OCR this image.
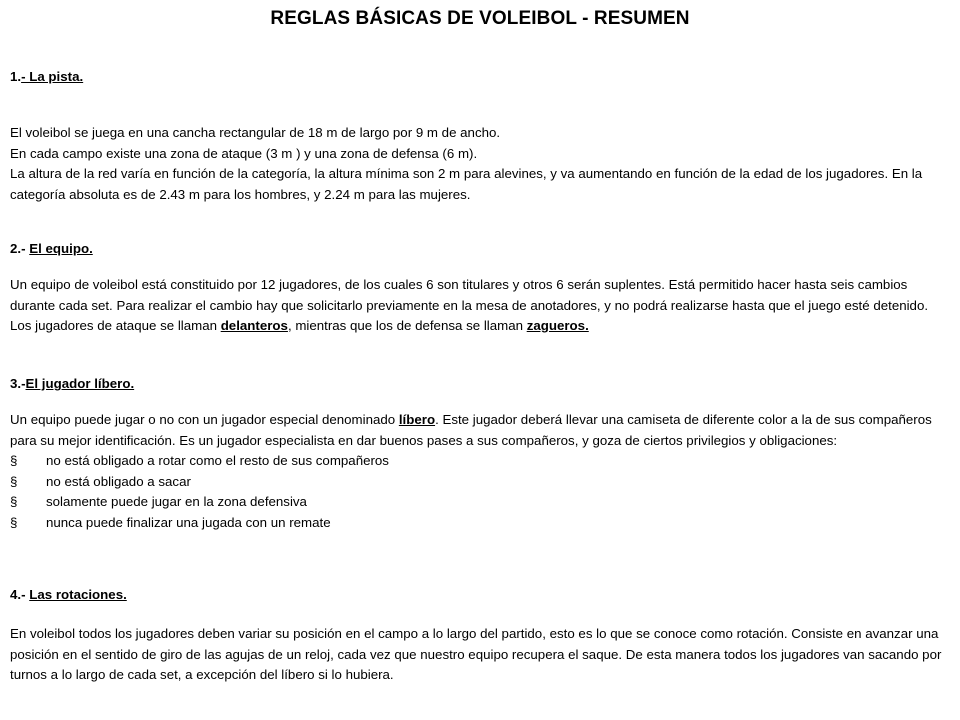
REGLAS BÁSICAS DE VOLEIBOL - RESUMEN

1.- La pista.

El voleibol se juega en una cancha rectangular de 18 m de largo por 9 m de ancho.

En cada campo existe una zona de ataque (3 m ) y una zona de defensa (6 m).

La altura de la red varía en función de la categoría, la altura mínima son 2 m para alevines, y va aumentando en función de la edad de los jugadores. En la categoría absoluta es de 2.43 m para los hombres, y 2.24 m para las mujeres.

2.- El equipo.

Un equipo de voleibol está constituido por 12 jugadores, de los cuales 6 son titulares y otros 6 serán suplentes. Está permitido hacer hasta seis cambios durante cada set. Para realizar el cambio hay que solicitarlo previamente en la mesa de anotadores, y no podrá realizarse hasta que el juego esté detenido. Los jugadores de ataque se llaman delanteros, mientras que los de defensa se llaman zagueros.

3.-El jugador líbero.

Un equipo puede jugar o no con un jugador especial denominado líbero. Este jugador deberá llevar una camiseta de diferente color a la de sus compañeros para su mejor identificación. Es un jugador especialista en dar buenos pases a sus compañeros, y goza de ciertos privilegios y obligaciones:

§	no está obligado a rotar como el resto de sus compañeros
§	no está obligado a sacar
§	solamente puede jugar en la zona defensiva
§	nunca puede finalizar una jugada con un remate

4.- Las rotaciones.

En voleibol todos los jugadores deben variar su posición en el campo a lo largo del partido, esto es lo que se conoce como rotación. Consiste en avanzar una posición en el sentido de giro de las agujas de un reloj, cada vez que nuestro equipo recupera el saque. De esta manera todos los jugadores van sacando por turnos a lo largo de cada set, a excepción del líbero si lo hubiera.
